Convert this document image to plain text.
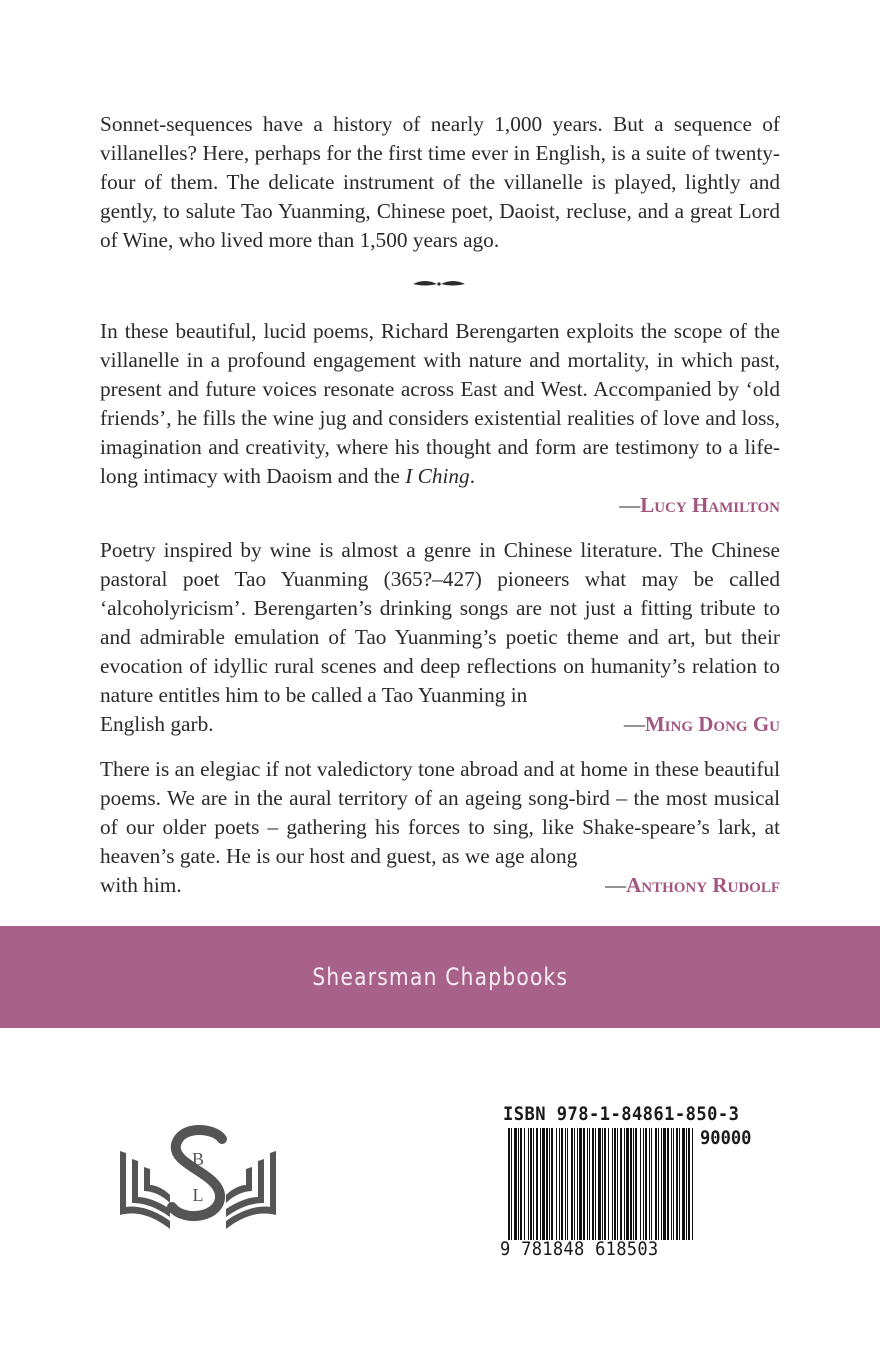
Sonnet-sequences have a history of nearly 1,000 years. But a sequence of villanelles? Here, perhaps for the first time ever in English, is a suite of twenty-four of them. The delicate instrument of the villanelle is played, lightly and gently, to salute Tao Yuanming, Chinese poet, Daoist, recluse, and a great Lord of Wine, who lived more than 1,500 years ago.

In these beautiful, lucid poems, Richard Berengarten exploits the scope of the villanelle in a profound engagement with nature and mortality, in which past, present and future voices resonate across East and West. Accompanied by ‘old friends’, he fills the wine jug and considers existential realities of love and loss, imagination and creativity, where his thought and form are testimony to a life-long intimacy with Daoism and the I Ching.

—Lucy Hamilton

Poetry inspired by wine is almost a genre in Chinese literature. The Chinese pastoral poet Tao Yuanming (365?–427) pioneers what may be called ‘alcoholyricism’. Berengarten’s drinking songs are not just a fitting tribute to and admirable emulation of Tao Yuanming’s poetic theme and art, but their evocation of idyllic rural scenes and deep reflections on humanity’s relation to nature entitles him to be called a Tao Yuanming in

English garb.	—Ming Dong Gu

There is an elegiac if not valedictory tone abroad and at home in these beautiful poems. We are in the aural territory of an ageing song-bird – the most musical of our older poets – gathering his forces to sing, like Shake-speare’s lark, at heaven’s gate. He is our host and guest, as we age along

with him.	—Anthony Rudolf
Shearsman Chapbooks
B
L
ISBN 978-1-84861-850-3
90000
9 781848 618503
